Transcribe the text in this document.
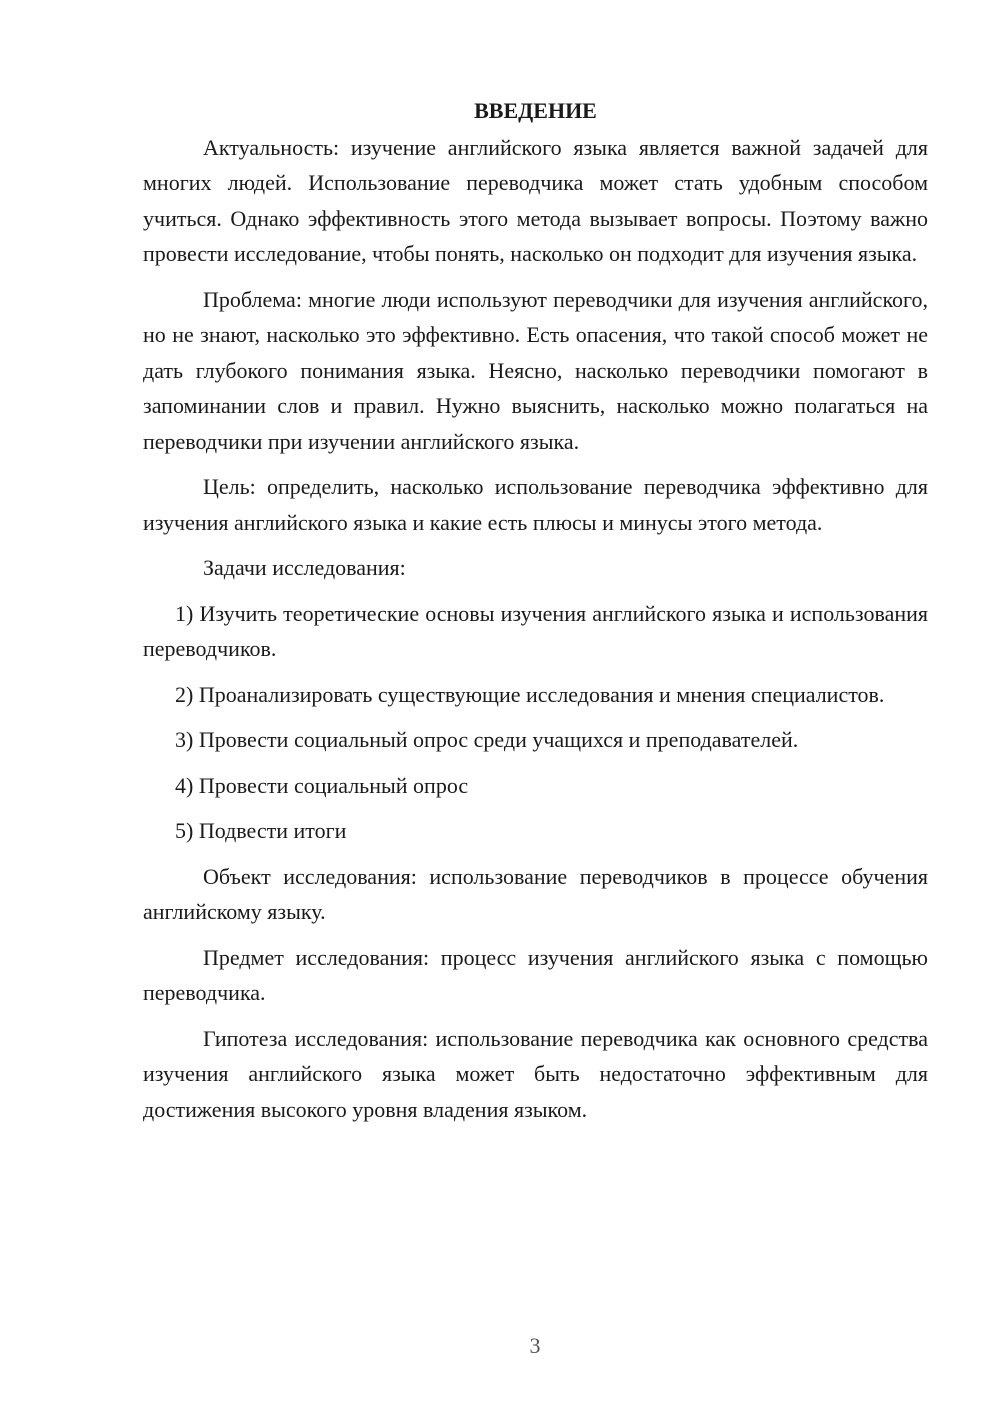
ВВЕДЕНИЕ

Актуальность: изучение английского языка является важной задачей для многих людей. Использование переводчика может стать удобным способом учиться. Однако эффективность этого метода вызывает вопросы. Поэтому важно провести исследование, чтобы понять, насколько он подходит для изучения языка.

Проблема: многие люди используют переводчики для изучения английского, но не знают, насколько это эффективно. Есть опасения, что такой способ может не дать глубокого понимания языка. Неясно, насколько переводчики помогают в запоминании слов и правил. Нужно выяснить, насколько можно полагаться на переводчики при изучении английского языка.

Цель: определить, насколько использование переводчика эффективно для изучения английского языка и какие есть плюсы и минусы этого метода.

Задачи исследования:

1) Изучить теоретические основы изучения английского языка и использования переводчиков.

2) Проанализировать существующие исследования и мнения специалистов.

3) Провести социальный опрос среди учащихся и преподавателей.

4) Провести социальный опрос

5) Подвести итоги

Объект исследования: использование переводчиков в процессе обучения английскому языку.

Предмет исследования: процесс изучения английского языка с помощью переводчика.

Гипотеза исследования: использование переводчика как основного средства изучения английского языка может быть недостаточно эффективным для достижения высокого уровня владения языком.

3
